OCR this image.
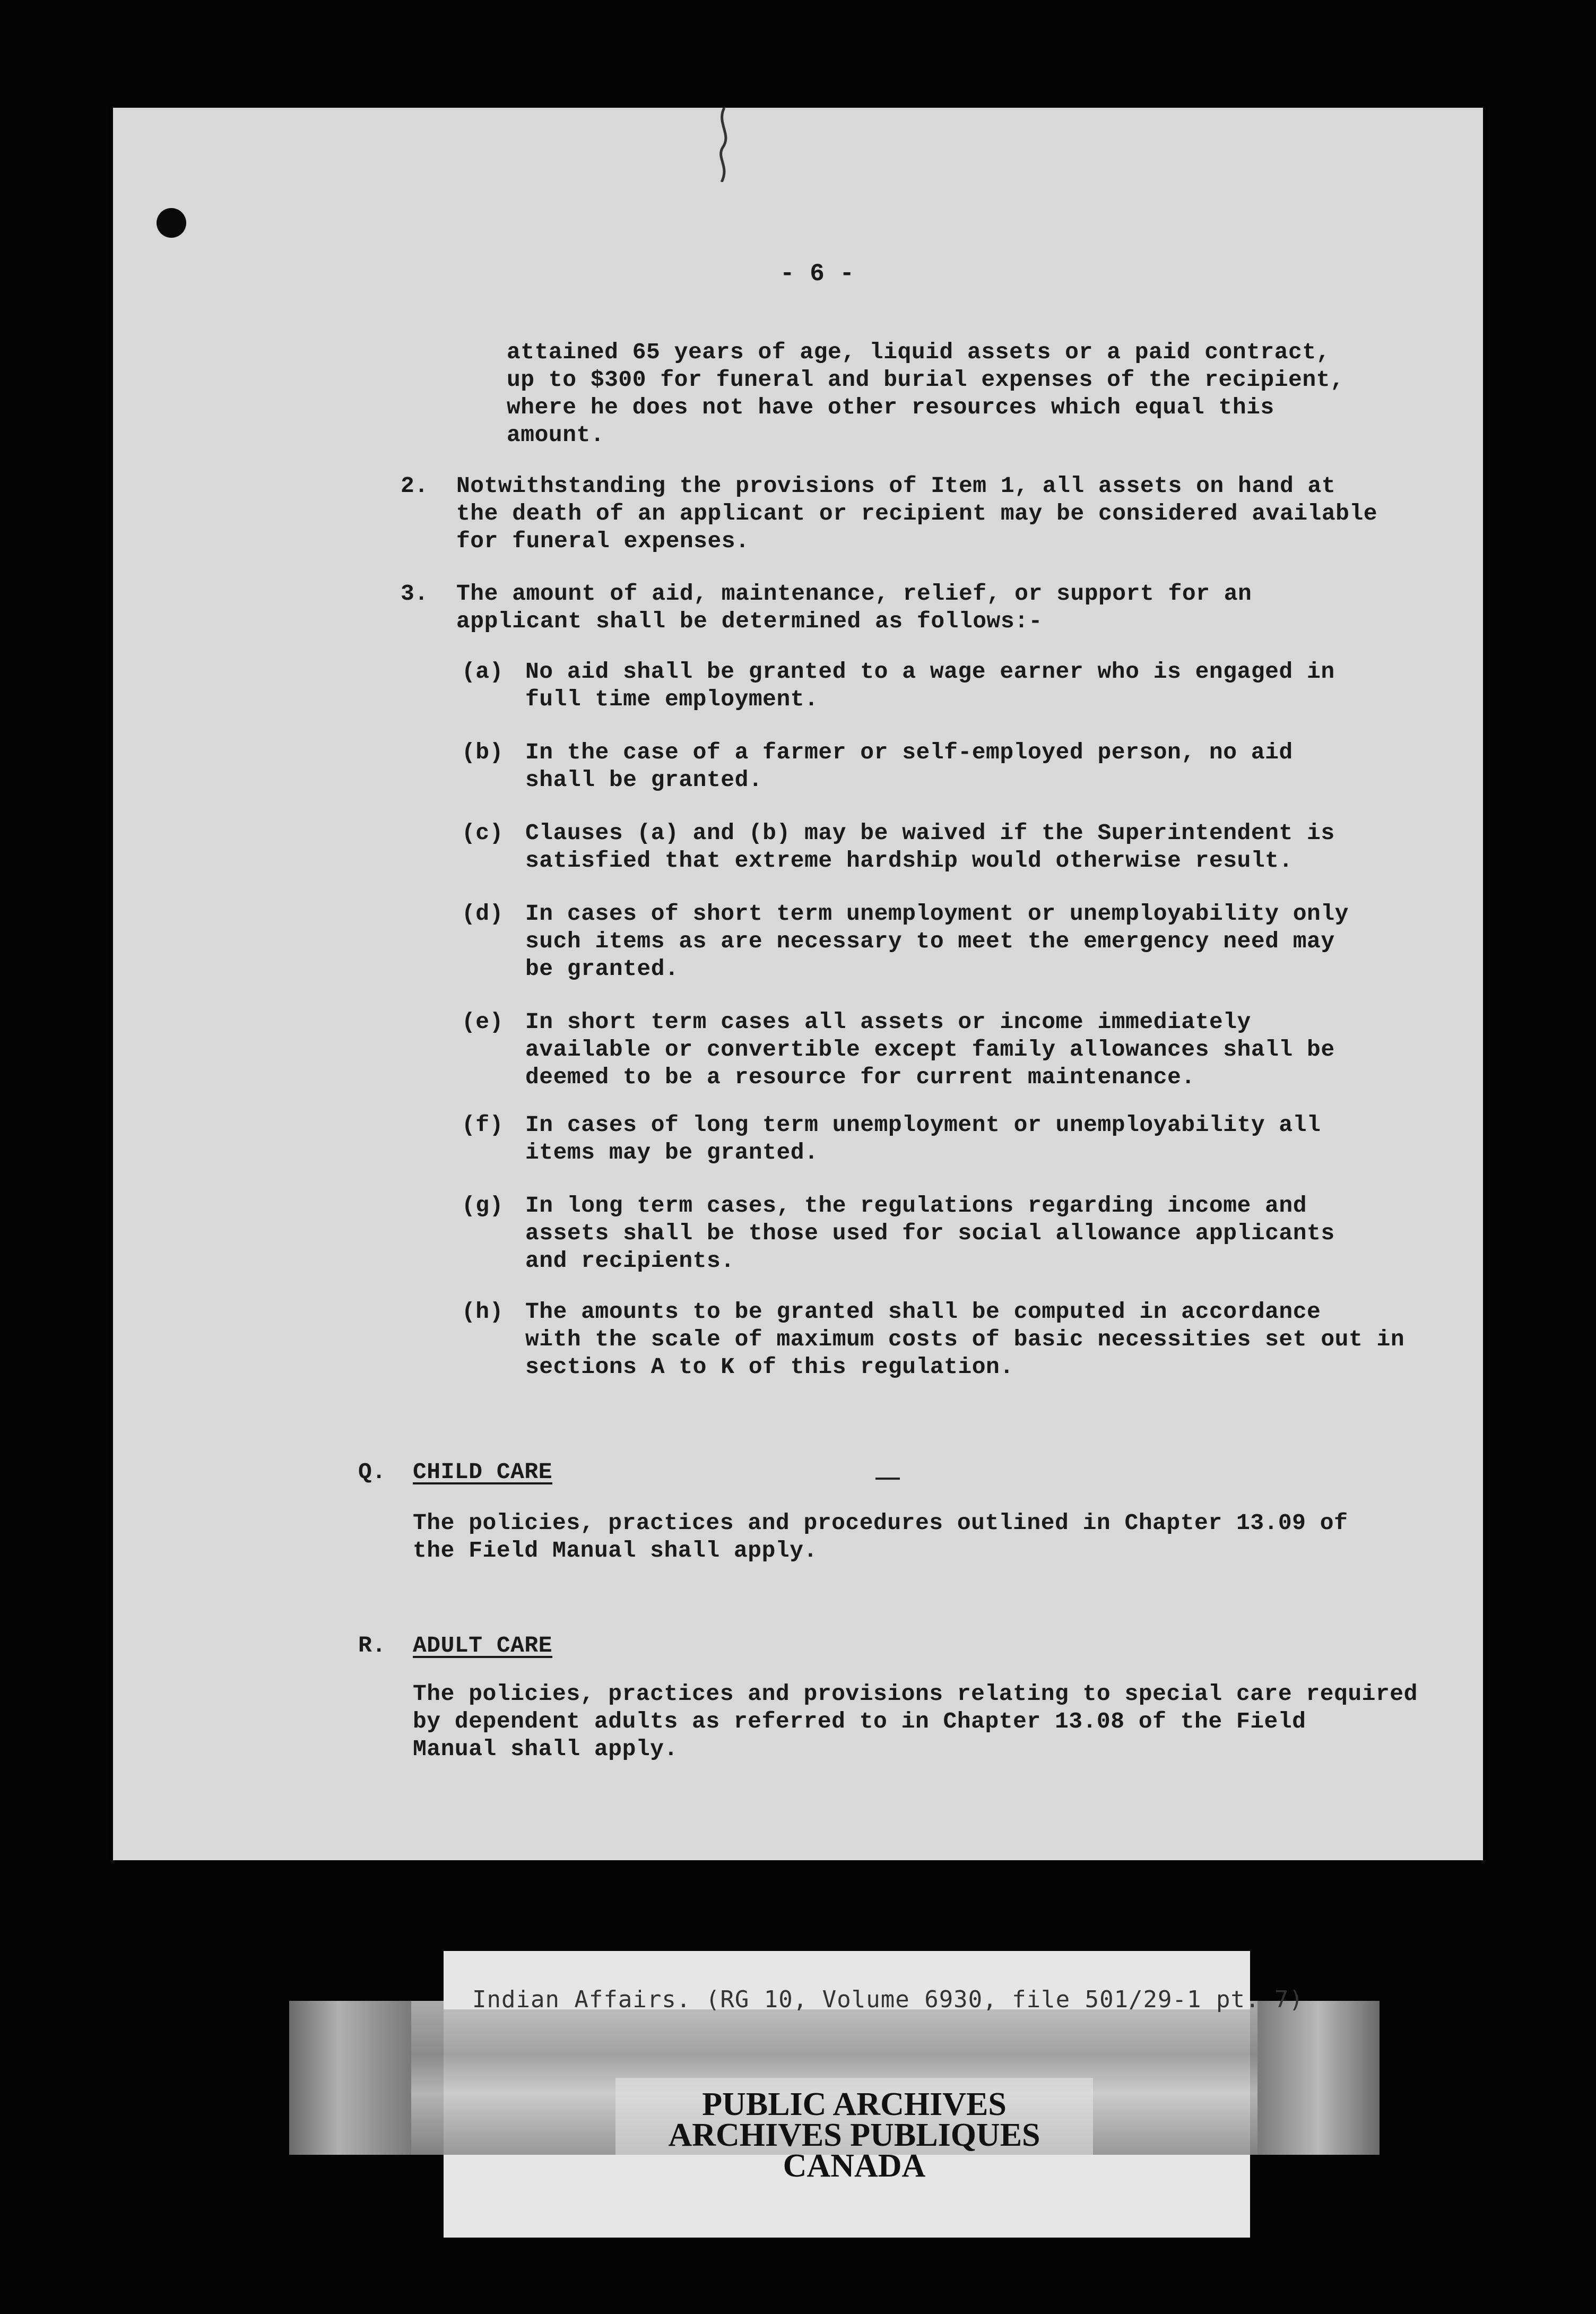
- 6 -
attained 65 years of age, liquid assets or a paid contract,
up to $300 for funeral and burial expenses of the recipient,
where he does not have other resources which equal this
amount.
2. Notwithstanding the provisions of Item 1, all assets on hand at
the death of an applicant or recipient may be considered available
for funeral expenses.
3. The amount of aid, maintenance, relief, or support for an
applicant shall be determined as follows:-
(a) No aid shall be granted to a wage earner who is engaged in
full time employment.
(b) In the case of a farmer or self-employed person, no aid
shall be granted.
(c) Clauses (a) and (b) may be waived if the Superintendent is
satisfied that extreme hardship would otherwise result.
(d) In cases of short term unemployment or unemployability only
such items as are necessary to meet the emergency need may
be granted.
(e) In short term cases all assets or income immediately
available or convertible except family allowances shall be
deemed to be a resource for current maintenance.
(f) In cases of long term unemployment or unemployability all
items may be granted.
(g) In long term cases, the regulations regarding income and
assets shall be those used for social allowance applicants
and recipients.
(h) The amounts to be granted shall be computed in accordance
with the scale of maximum costs of basic necessities set out in
sections A to K of this regulation.
Q. CHILD CARE
The policies, practices and procedures outlined in Chapter 13.09 of
the Field Manual shall apply.
R. ADULT CARE
The policies, practices and provisions relating to special care required
by dependent adults as referred to in Chapter 13.08 of the Field
Manual shall apply.
Indian Affairs. (RG 10, Volume 6930, file 501/29-1 pt. 7)
PUBLIC ARCHIVES
ARCHIVES PUBLIQUES
CANADA
